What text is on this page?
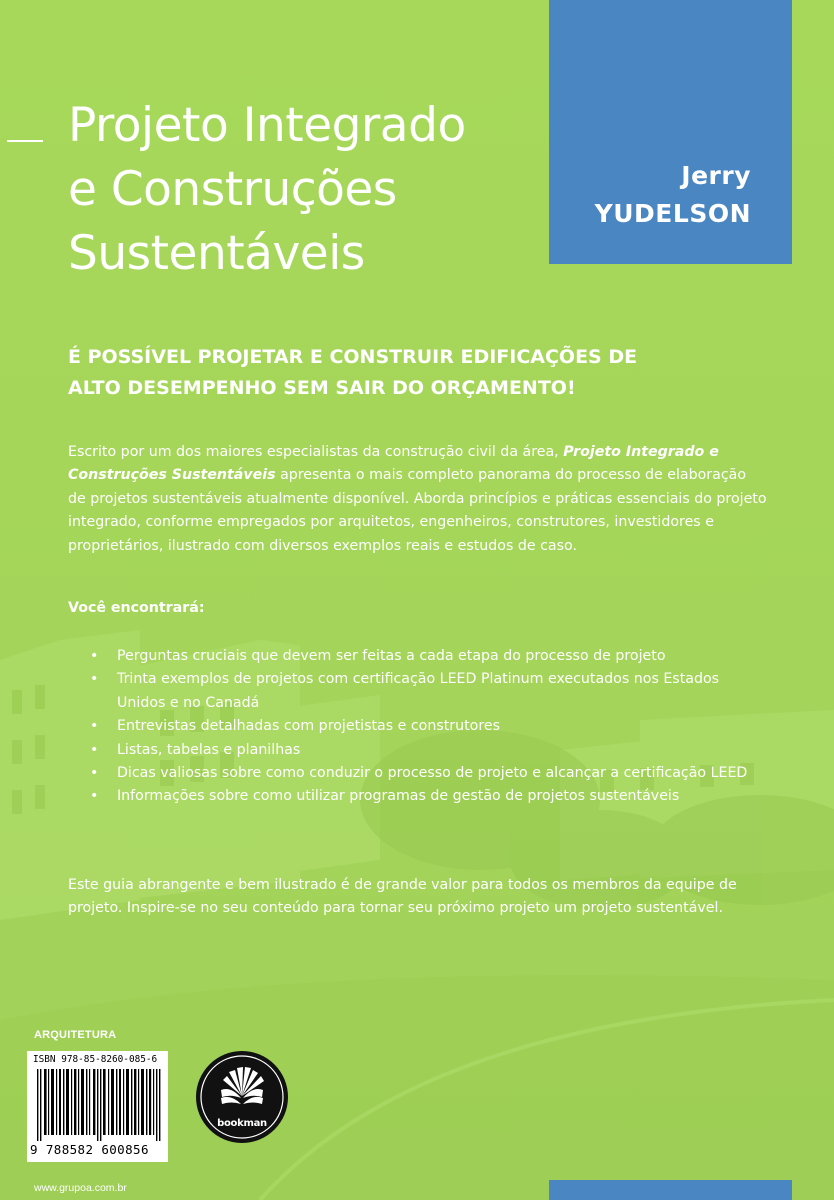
Projeto Integrado
e Construções
Sustentáveis
Jerry
YUDELSON
É POSSÍVEL PROJETAR E CONSTRUIR EDIFICAÇÕES DE
ALTO DESEMPENHO SEM SAIR DO ORÇAMENTO!

Escrito por um dos maiores especialistas da construção civil da área, Projeto Integrado e Construções Sustentáveis apresenta o mais completo panorama do processo de elaboração de projetos sustentáveis atualmente disponível. Aborda princípios e práticas essenciais do projeto integrado, conforme empregados por arquitetos, engenheiros, construtores, investidores e proprietários, ilustrado com diversos exemplos reais e estudos de caso.

Você encontrará:
• Perguntas cruciais que devem ser feitas a cada etapa do processo de projeto
• Trinta exemplos de projetos com certificação LEED Platinum executados nos Estados Unidos e no Canadá
• Entrevistas detalhadas com projetistas e construtores
• Listas, tabelas e planilhas
• Dicas valiosas sobre como conduzir o processo de projeto e alcançar a certificação LEED
• Informações sobre como utilizar programas de gestão de projetos sustentáveis

Este guia abrangente e bem ilustrado é de grande valor para todos os membros da equipe de projeto. Inspire-se no seu conteúdo para tornar seu próximo projeto um projeto sustentável.

ARQUITETURA
ISBN 978-85-8260-085-6
9 788582 600856
bookman
www.grupoa.com.br
